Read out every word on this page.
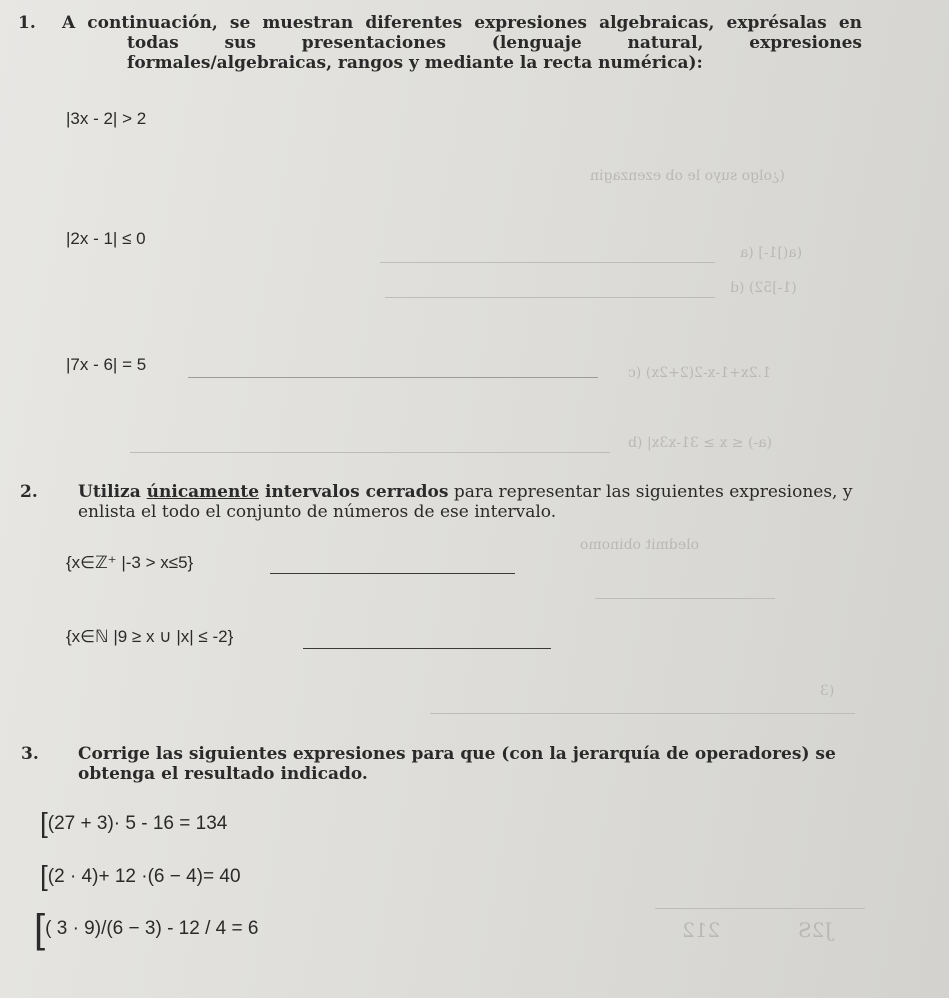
1. A continuación, se muestran diferentes expresiones algebraicas, exprésalas en todas sus presentaciones (lenguaje natural, expresiones formales/algebraicas, rangos y mediante la recta numérica):
|3x - 2| > 2
|2x - 1| ≤ 0
|7x - 6| = 5
(¿olgo suyo le ob ezenzagin
(a(]1-] (a
(1-]52) (d
1.2x+1-x-2(2+2x) (c
(a-) ≤ x ≥ 31-x3x| (b
oledmit obinomo
(3
212	J2S
2. Utiliza únicamente intervalos cerrados para representar las siguientes expresiones, y enlista el todo el conjunto de números de ese intervalo.
{x∈ℤ⁺ |-3 > x≤5}
{x∈ℕ |9 ≥ x ∪ |x| ≤ -2}
3. Corrige las siguientes expresiones para que (con la jerarquía de operadores) se obtenga el resultado indicado.
[(27 + 3)· 5 - 16 = 134
[(2 · 4)+ 12 ·(6 − 4)= 40
[( 3 · 9)/(6 − 3) - 12 / 4 = 6
